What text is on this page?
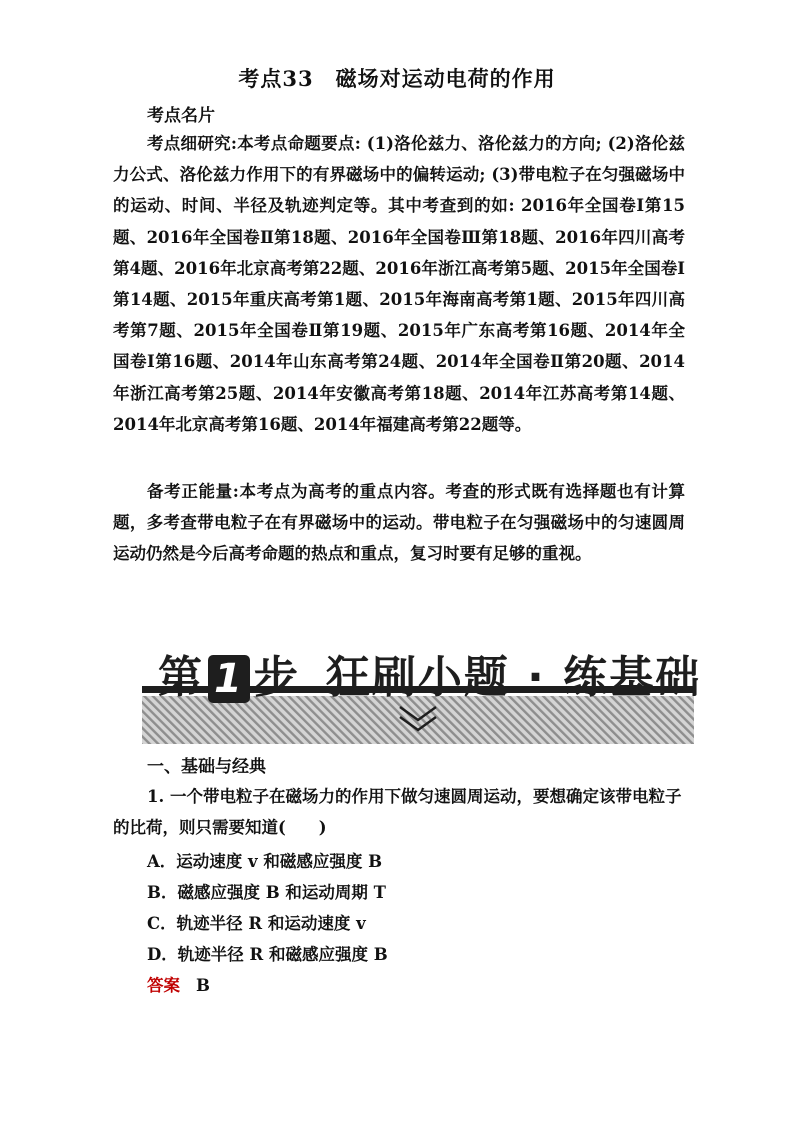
考点33　磁场对运动电荷的作用
考点名片
考点细研究:本考点命题要点: (1)洛伦兹力、洛伦兹力的方向; (2)洛伦兹力公式、洛伦兹力作用下的有界磁场中的偏转运动; (3)带电粒子在匀强磁场中的运动、时间、半径及轨迹判定等。其中考查到的如: 2016年全国卷Ⅰ第15题、2016年全国卷Ⅱ第18题、2016年全国卷Ⅲ第18题、2016年四川高考第4题、2016年北京高考第22题、2016年浙江高考第5题、2015年全国卷Ⅰ第14题、2015年重庆高考第1题、2015年海南高考第1题、2015年四川高考第7题、2015年全国卷Ⅱ第19题、2015年广东高考第16题、2014年全国卷Ⅰ第16题、2014年山东高考第24题、2014年全国卷Ⅱ第20题、2014年浙江高考第25题、2014年安徽高考第18题、2014年江苏高考第14题、2014年北京高考第16题、2014年福建高考第22题等。
备考正能量:本考点为高考的重点内容。考查的形式既有选择题也有计算题，多考查带电粒子在有界磁场中的运动。带电粒子在匀强磁场中的匀速圆周运动仍然是今后高考命题的热点和重点，复习时要有足够的重视。
第 1 步 狂刷小题 · 练基础
一、基础与经典
1. 一个带电粒子在磁场力的作用下做匀速圆周运动，要想确定该带电粒子的比荷，则只需要知道(　　)
A．运动速度 v 和磁感应强度 B
B．磁感应强度 B 和运动周期 T
C．轨迹半径 R 和运动速度 v
D．轨迹半径 R 和磁感应强度 B
答案 B
